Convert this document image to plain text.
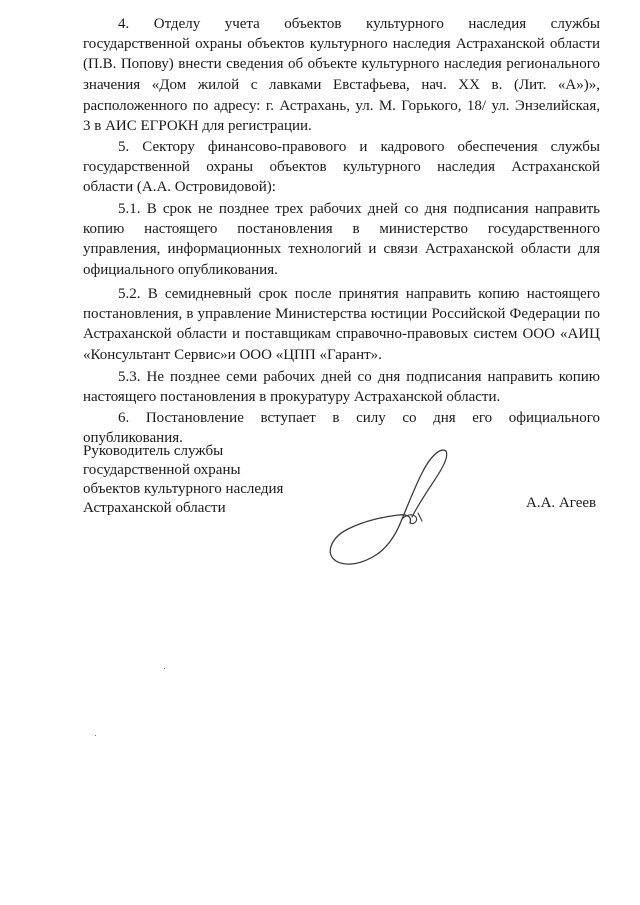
4. Отделу учета объектов культурного наследия службы
государственной охраны объектов культурного наследия Астраханской области
(П.В. Попову) внести сведения об объекте культурного наследия регионального
значения «Дом жилой с лавками Евстафьева, нач. XX в. (Лит. «А»)»,
расположенного по адресу: г. Астрахань, ул. М. Горького, 18/ ул. Энзелийская,
3 в АИС ЕГРОКН для регистрации.
5. Сектору финансово-правового и кадрового обеспечения службы
государственной охраны объектов культурного наследия Астраханской
области (А.А. Островидовой):
5.1. В срок не позднее трех рабочих дней со дня подписания направить
копию настоящего постановления в министерство государственного
управления, информационных технологий и связи Астраханской области для
официального опубликования.
5.2. В семидневный срок после принятия направить копию настоящего
постановления, в управление Министерства юстиции Российской Федерации по
Астраханской области и поставщикам справочно-правовых систем ООО «АИЦ
«Консультант Сервис»и ООО «ЦПП «Гарант».
5.3. Не позднее семи рабочих дней со дня подписания направить копию
настоящего постановления в прокуратуру Астраханской области.
6. Постановление вступает в силу со дня его официального
опубликования.
Руководитель службы
государственной охраны
объектов культурного наследия
Астраханской области	А.А. Агеев
